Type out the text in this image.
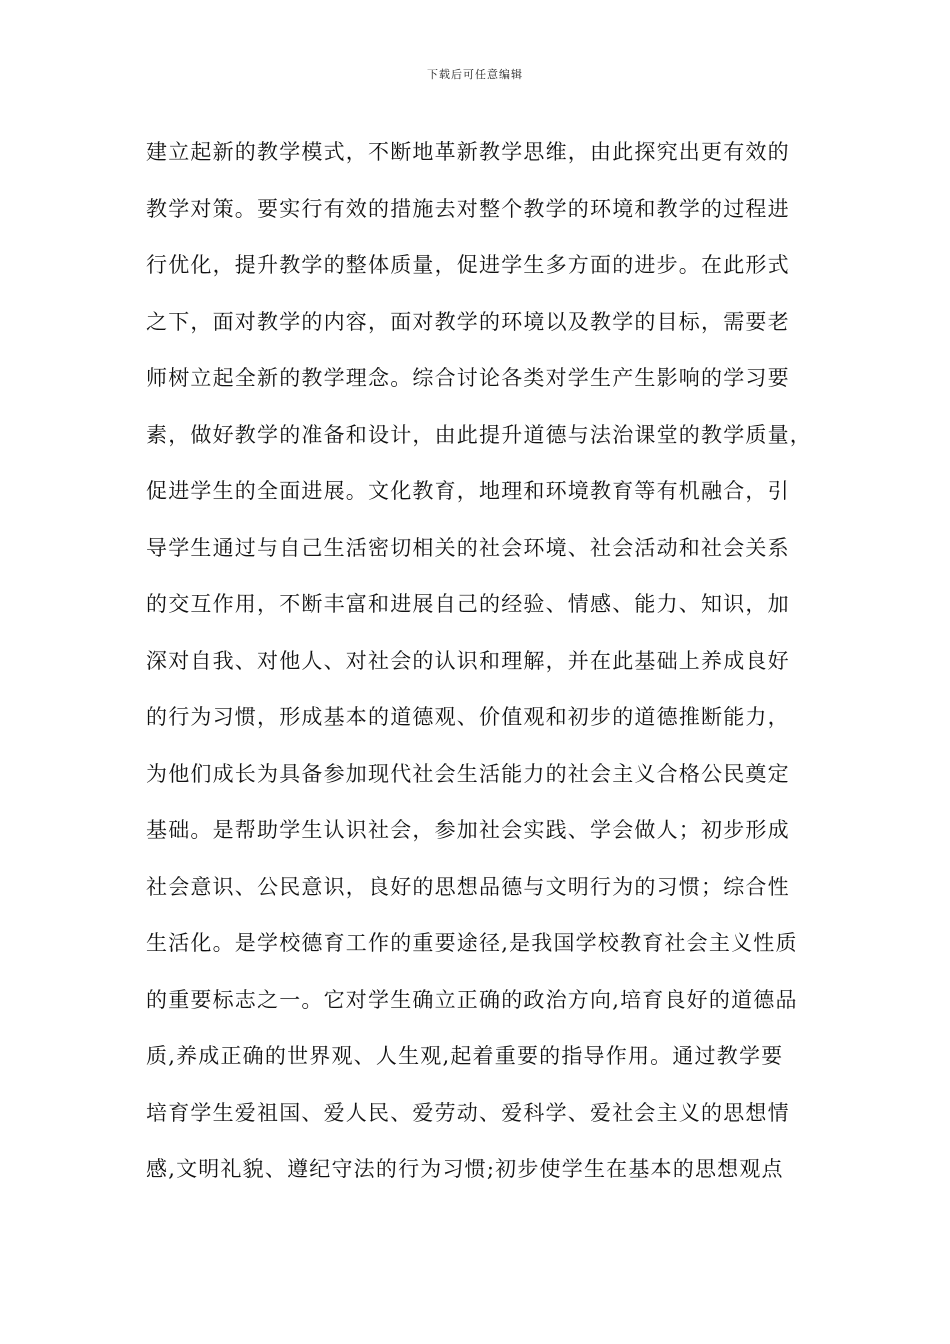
下载后可任意编辑
建立起新的教学模式，不断地革新教学思维，由此探究出更有效的
教学对策。要实行有效的措施去对整个教学的环境和教学的过程进
行优化，提升教学的整体质量，促进学生多方面的进步。在此形式
之下，面对教学的内容，面对教学的环境以及教学的目标，需要老
师树立起全新的教学理念。综合讨论各类对学生产生影响的学习要
素，做好教学的准备和设计，由此提升道德与法治课堂的教学质量，
促进学生的全面进展。文化教育，地理和环境教育等有机融合，引
导学生通过与自己生活密切相关的社会环境、社会活动和社会关系
的交互作用，不断丰富和进展自己的经验、情感、能力、知识，加
深对自我、对他人、对社会的认识和理解，并在此基础上养成良好
的行为习惯，形成基本的道德观、价值观和初步的道德推断能力，
为他们成长为具备参加现代社会生活能力的社会主义合格公民奠定
基础。是帮助学生认识社会，参加社会实践、学会做人；初步形成
社会意识、公民意识，良好的思想品德与文明行为的习惯；综合性
生活化。是学校德育工作的重要途径,是我国学校教育社会主义性质
的重要标志之一。它对学生确立正确的政治方向,培育良好的道德品
质,养成正确的世界观、人生观,起着重要的指导作用。通过教学要
培育学生爱祖国、爱人民、爱劳动、爱科学、爱社会主义的思想情
感,文明礼貌、遵纪守法的行为习惯;初步使学生在基本的思想观点
